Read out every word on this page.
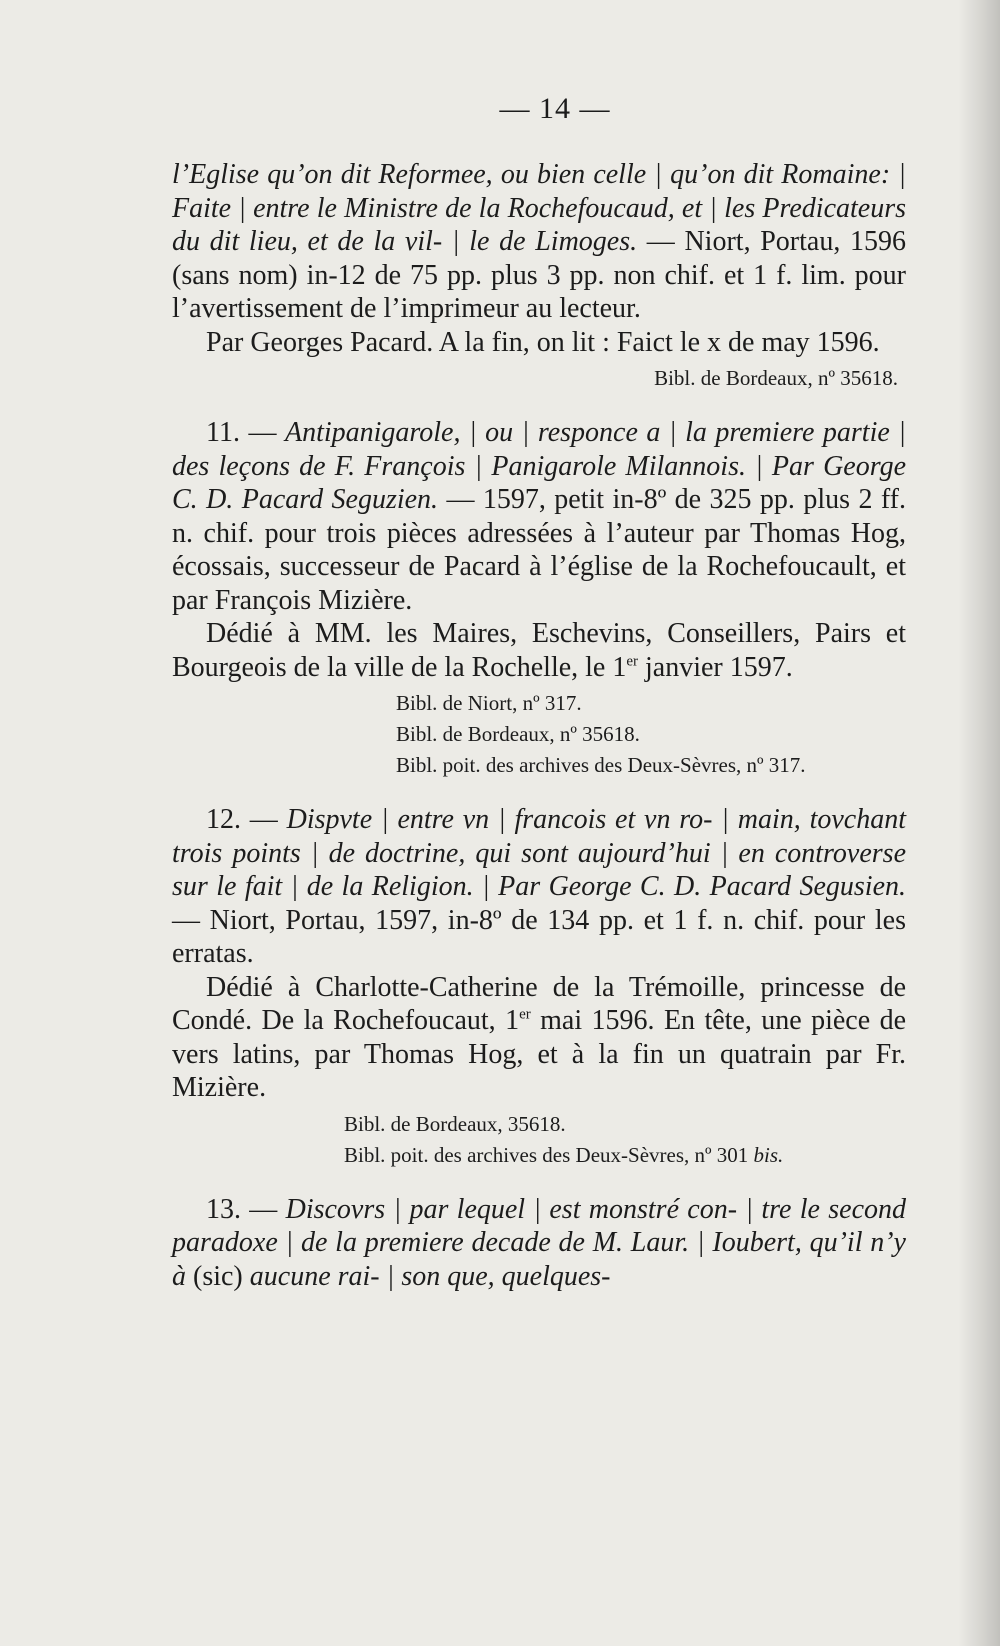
— 14 —

l’Eglise qu’on dit Reformee, ou bien celle | qu’on dit Romaine: | Faite | entre le Ministre de la Rochefoucaud, et | les Predicateurs du dit lieu, et de la vil- | le de Limoges. — Niort, Portau, 1596 (sans nom) in-12 de 75 pp. plus 3 pp. non chif. et 1 f. lim. pour l’avertissement de l’imprimeur au lecteur.

Par Georges Pacard. A la fin, on lit : Faict le x de may 1596.

Bibl. de Bordeaux, nº 35618.

11. — Antipanigarole, | ou | responce a | la premiere partie | des leçons de F. François | Panigarole Milannois. | Par George C. D. Pacard Seguzien. — 1597, petit in-8º de 325 pp. plus 2 ff. n. chif. pour trois pièces adressées à l’auteur par Thomas Hog, écossais, successeur de Pacard à l’église de la Rochefoucault, et par François Mizière.

Dédié à MM. les Maires, Eschevins, Conseillers, Pairs et Bourgeois de la ville de la Rochelle, le 1er janvier 1597.

Bibl. de Niort, nº 317.

Bibl. de Bordeaux, nº 35618.

Bibl. poit. des archives des Deux-Sèvres, nº 317.

12. — Dispvte | entre vn | francois et vn ro- | main, tovchant trois points | de doctrine, qui sont aujourd’hui | en controverse sur le fait | de la Religion. | Par George C. D. Pacard Segusien. — Niort, Portau, 1597, in-8º de 134 pp. et 1 f. n. chif. pour les erratas.

Dédié à Charlotte-Catherine de la Trémoille, princesse de Condé. De la Rochefoucaut, 1er mai 1596. En tête, une pièce de vers latins, par Thomas Hog, et à la fin un quatrain par Fr. Mizière.

Bibl. de Bordeaux, 35618.

Bibl. poit. des archives des Deux-Sèvres, nº 301 bis.

13. — Discovrs | par lequel | est monstré con- | tre le second paradoxe | de la premiere decade de M. Laur. | Ioubert, qu’il n’y à (sic) aucune rai- | son que, quelques-
